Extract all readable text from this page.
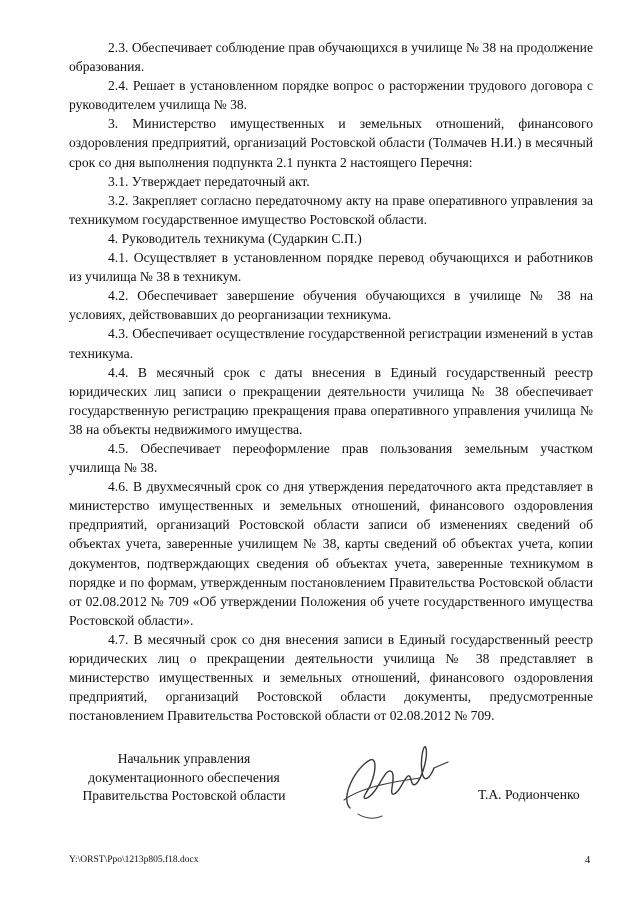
2.3. Обеспечивает соблюдение прав обучающихся в училище № 38 на продолжение образования.

2.4. Решает в установленном порядке вопрос о расторжении трудового договора с руководителем училища № 38.

3. Министерство имущественных и земельных отношений, финансового оздоровления предприятий, организаций Ростовской области (Толмачев Н.И.) в месячный срок со дня выполнения подпункта 2.1 пункта 2 настоящего Перечня:

3.1. Утверждает передаточный акт.

3.2. Закрепляет согласно передаточному акту на праве оперативного управления за техникумом государственное имущество Ростовской области.

4. Руководитель техникума (Сударкин С.П.)

4.1. Осуществляет в установленном порядке перевод обучающихся и работников из училища № 38 в техникум.

4.2. Обеспечивает завершение обучения обучающихся в училище № 38 на условиях, действовавших до реорганизации техникума.

4.3. Обеспечивает осуществление государственной регистрации изменений в устав техникума.

4.4. В месячный срок с даты внесения в Единый государственный реестр юридических лиц записи о прекращении деятельности училища № 38 обеспечивает государственную регистрацию прекращения права оперативного управления училища № 38 на объекты недвижимого имущества.

4.5. Обеспечивает переоформление прав пользования земельным участком училища № 38.

4.6. В двухмесячный срок со дня утверждения передаточного акта представляет в министерство имущественных и земельных отношений, финансового оздоровления предприятий, организаций Ростовской области записи об изменениях сведений об объектах учета, заверенные училищем № 38, карты сведений об объектах учета, копии документов, подтверждающих сведения об объектах учета, заверенные техникумом в порядке и по формам, утвержденным постановлением Правительства Ростовской области от 02.08.2012 № 709 «Об утверждении Положения об учете государственного имущества Ростовской области».

4.7. В месячный срок со дня внесения записи в Единый государственный реестр юридических лиц о прекращении деятельности училища № 38 представляет в министерство имущественных и земельных отношений, финансового оздоровления предприятий, организаций Ростовской области документы, предусмотренные постановлением Правительства Ростовской области от 02.08.2012 № 709.

Начальник управления
документационного обеспечения
Правительства Ростовской области	Т.А. Родионченко
Y:\ORST\Ppo\1213p805.f18.docx	4
